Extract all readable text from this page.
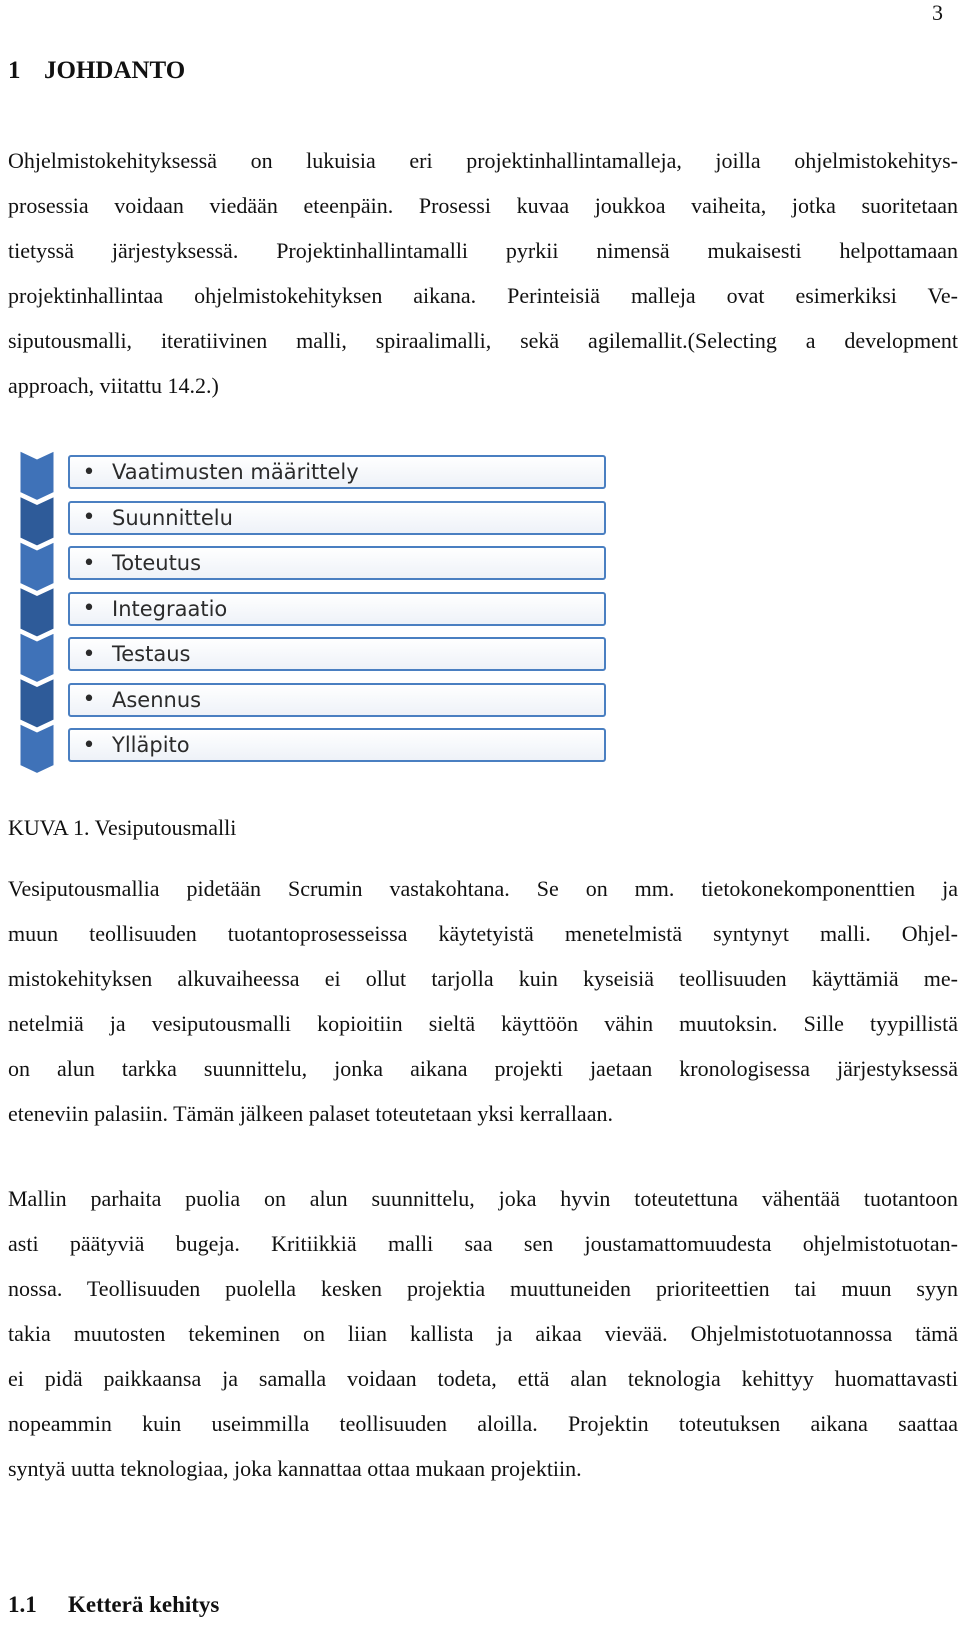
3
1 JOHDANTO

Ohjelmistokehityksessä on lukuisia eri projektinhallintamalleja, joilla ohjelmistokehitys-
prosessia voidaan viedään eteenpäin. Prosessi kuvaa joukkoa vaiheita, jotka suoritetaan
tietyssä järjestyksessä. Projektinhallintamalli pyrkii nimensä mukaisesti helpottamaan
projektinhallintaa ohjelmistokehityksen aikana. Perinteisiä malleja ovat esimerkiksi Ve-
siputousmalli, iteratiivinen malli, spiraalimalli, sekä agilemallit.(Selecting a development
approach, viitattu 14.2.)

• Vaatimusten määrittely
• Suunnittelu
• Toteutus
• Integraatio
• Testaus
• Asennus
• Ylläpito

KUVA 1. Vesiputousmalli

Vesiputousmallia pidetään Scrumin vastakohtana. Se on mm. tietokonekomponenttien ja
muun teollisuuden tuotantoprosesseissa käytetyistä menetelmistä syntynyt malli. Ohjel-
mistokehityksen alkuvaiheessa ei ollut tarjolla kuin kyseisiä teollisuuden käyttämiä me-
netelmiä ja vesiputousmalli kopioitiin sieltä käyttöön vähin muutoksin. Sille tyypillistä
on alun tarkka suunnittelu, jonka aikana projekti jaetaan kronologisessa järjestyksessä
eteneviin palasiin. Tämän jälkeen palaset toteutetaan yksi kerrallaan.

Mallin parhaita puolia on alun suunnittelu, joka hyvin toteutettuna vähentää tuotantoon
asti päätyviä bugeja. Kritiikkiä malli saa sen joustamattomuudesta ohjelmistotuotan-
nossa. Teollisuuden puolella kesken projektia muuttuneiden prioriteettien tai muun syyn
takia muutosten tekeminen on liian kallista ja aikaa vievää. Ohjelmistotuotannossa tämä
ei pidä paikkaansa ja samalla voidaan todeta, että alan teknologia kehittyy huomattavasti
nopeammin kuin useimmilla teollisuuden aloilla. Projektin toteutuksen aikana saattaa
syntyä uutta teknologiaa, joka kannattaa ottaa mukaan projektiin.

1.1 Ketterä kehitys
